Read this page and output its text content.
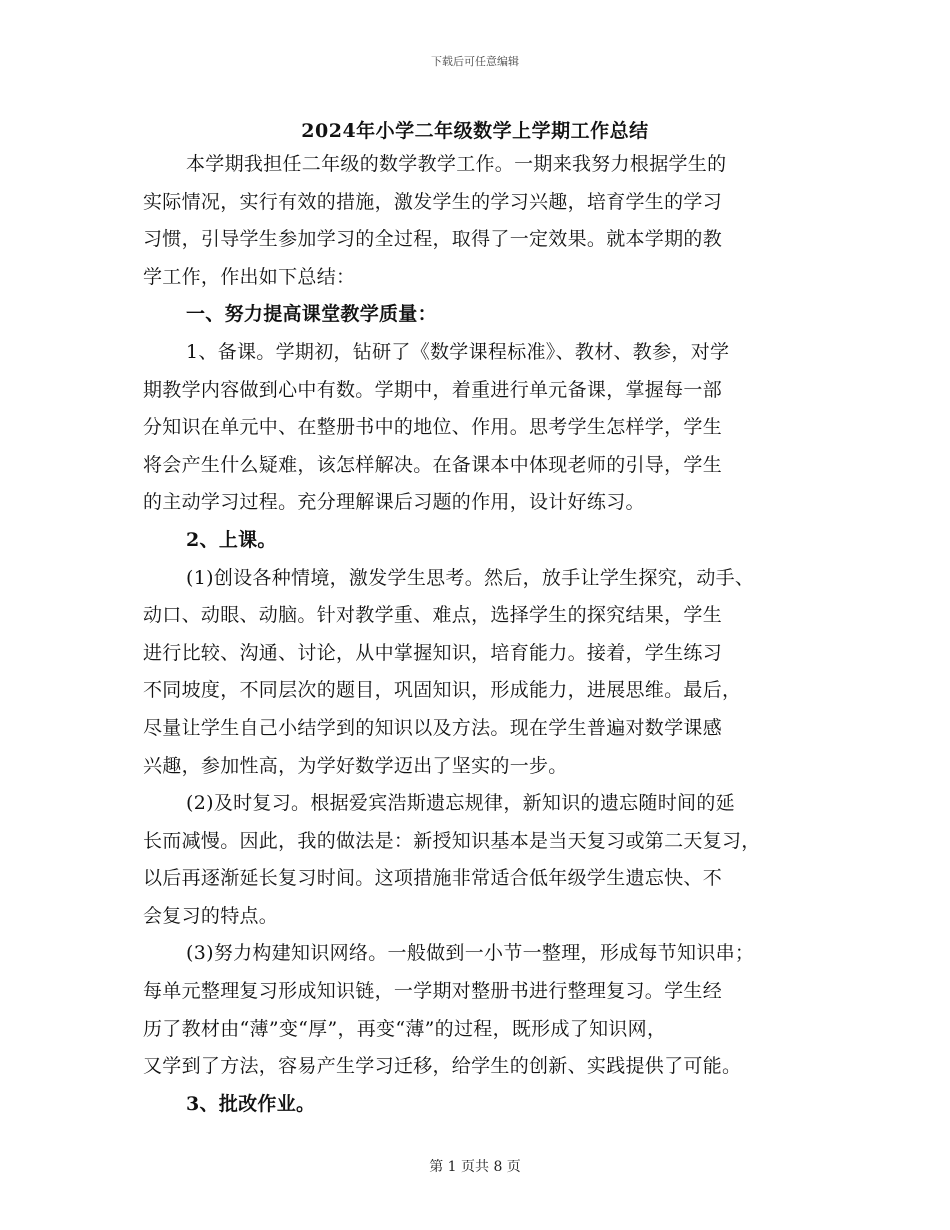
下载后可任意编辑
2024年小学二年级数学上学期工作总结
本学期我担任二年级的数学教学工作。一期来我努力根据学生的
实际情况，实行有效的措施，激发学生的学习兴趣，培育学生的学习
习惯，引导学生参加学习的全过程，取得了一定效果。就本学期的教
学工作，作出如下总结：
一、努力提高课堂教学质量：
1、备课。学期初，钻研了《数学课程标准》、教材、教参，对学
期教学内容做到心中有数。学期中，着重进行单元备课，掌握每一部
分知识在单元中、在整册书中的地位、作用。思考学生怎样学，学生
将会产生什么疑难，该怎样解决。在备课本中体现老师的引导，学生
的主动学习过程。充分理解课后习题的作用，设计好练习。
2、上课。
(1)创设各种情境，激发学生思考。然后，放手让学生探究，动手、
动口、动眼、动脑。针对教学重、难点，选择学生的探究结果，学生
进行比较、沟通、讨论，从中掌握知识，培育能力。接着，学生练习
不同坡度，不同层次的题目，巩固知识，形成能力，进展思维。最后，
尽量让学生自己小结学到的知识以及方法。现在学生普遍对数学课感
兴趣，参加性高，为学好数学迈出了坚实的一步。
(2)及时复习。根据爱宾浩斯遗忘规律，新知识的遗忘随时间的延
长而减慢。因此，我的做法是：新授知识基本是当天复习或第二天复习，
以后再逐渐延长复习时间。这项措施非常适合低年级学生遗忘快、不
会复习的特点。
(3)努力构建知识网络。一般做到一小节一整理，形成每节知识串；
每单元整理复习形成知识链，一学期对整册书进行整理复习。学生经
历了教材由“薄”变“厚”，再变“薄”的过程，既形成了知识网，
又学到了方法，容易产生学习迁移，给学生的创新、实践提供了可能。
3、批改作业。
第 1 页共 8 页
